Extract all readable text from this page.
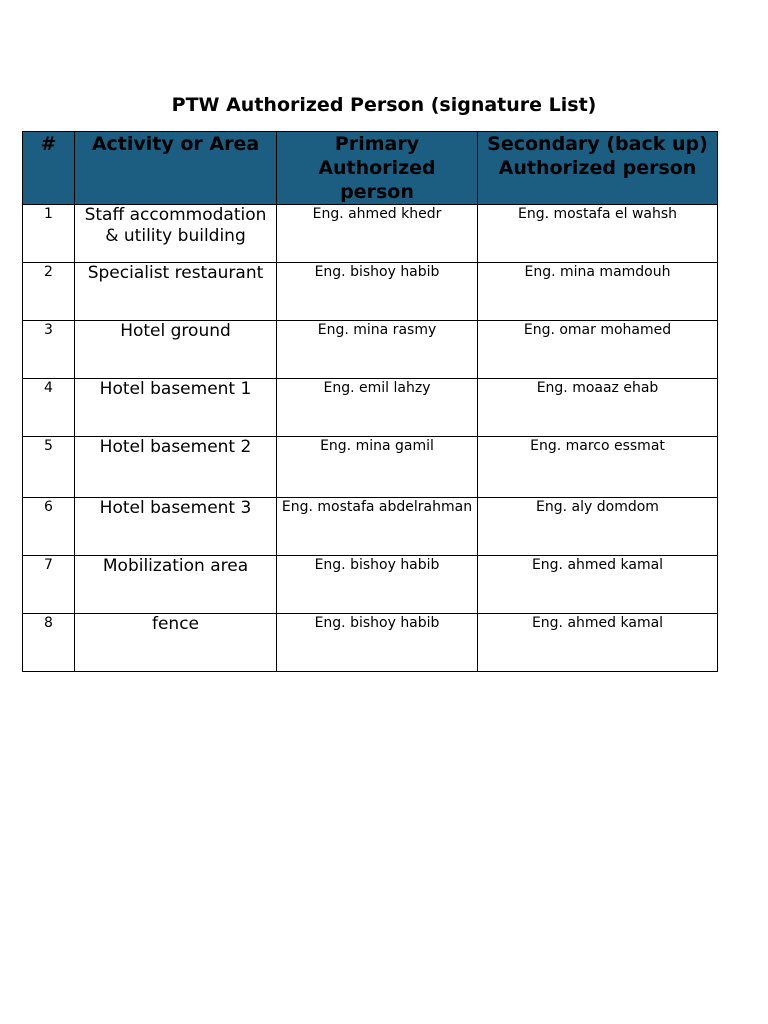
PTW Authorized Person (signature List)
#	Activity or Area	Primary Authorized person	Secondary (back up) Authorized person
1	Staff accommodation & utility building	Eng. ahmed khedr	Eng. mostafa el wahsh
2	Specialist restaurant	Eng. bishoy habib	Eng. mina mamdouh
3	Hotel ground	Eng. mina rasmy	Eng. omar mohamed
4	Hotel basement 1	Eng. emil lahzy	Eng. moaaz ehab
5	Hotel basement 2	Eng. mina gamil	Eng. marco essmat
6	Hotel basement 3	Eng. mostafa abdelrahman	Eng. aly domdom
7	Mobilization area	Eng. bishoy habib	Eng. ahmed kamal
8	fence	Eng. bishoy habib	Eng. ahmed kamal
